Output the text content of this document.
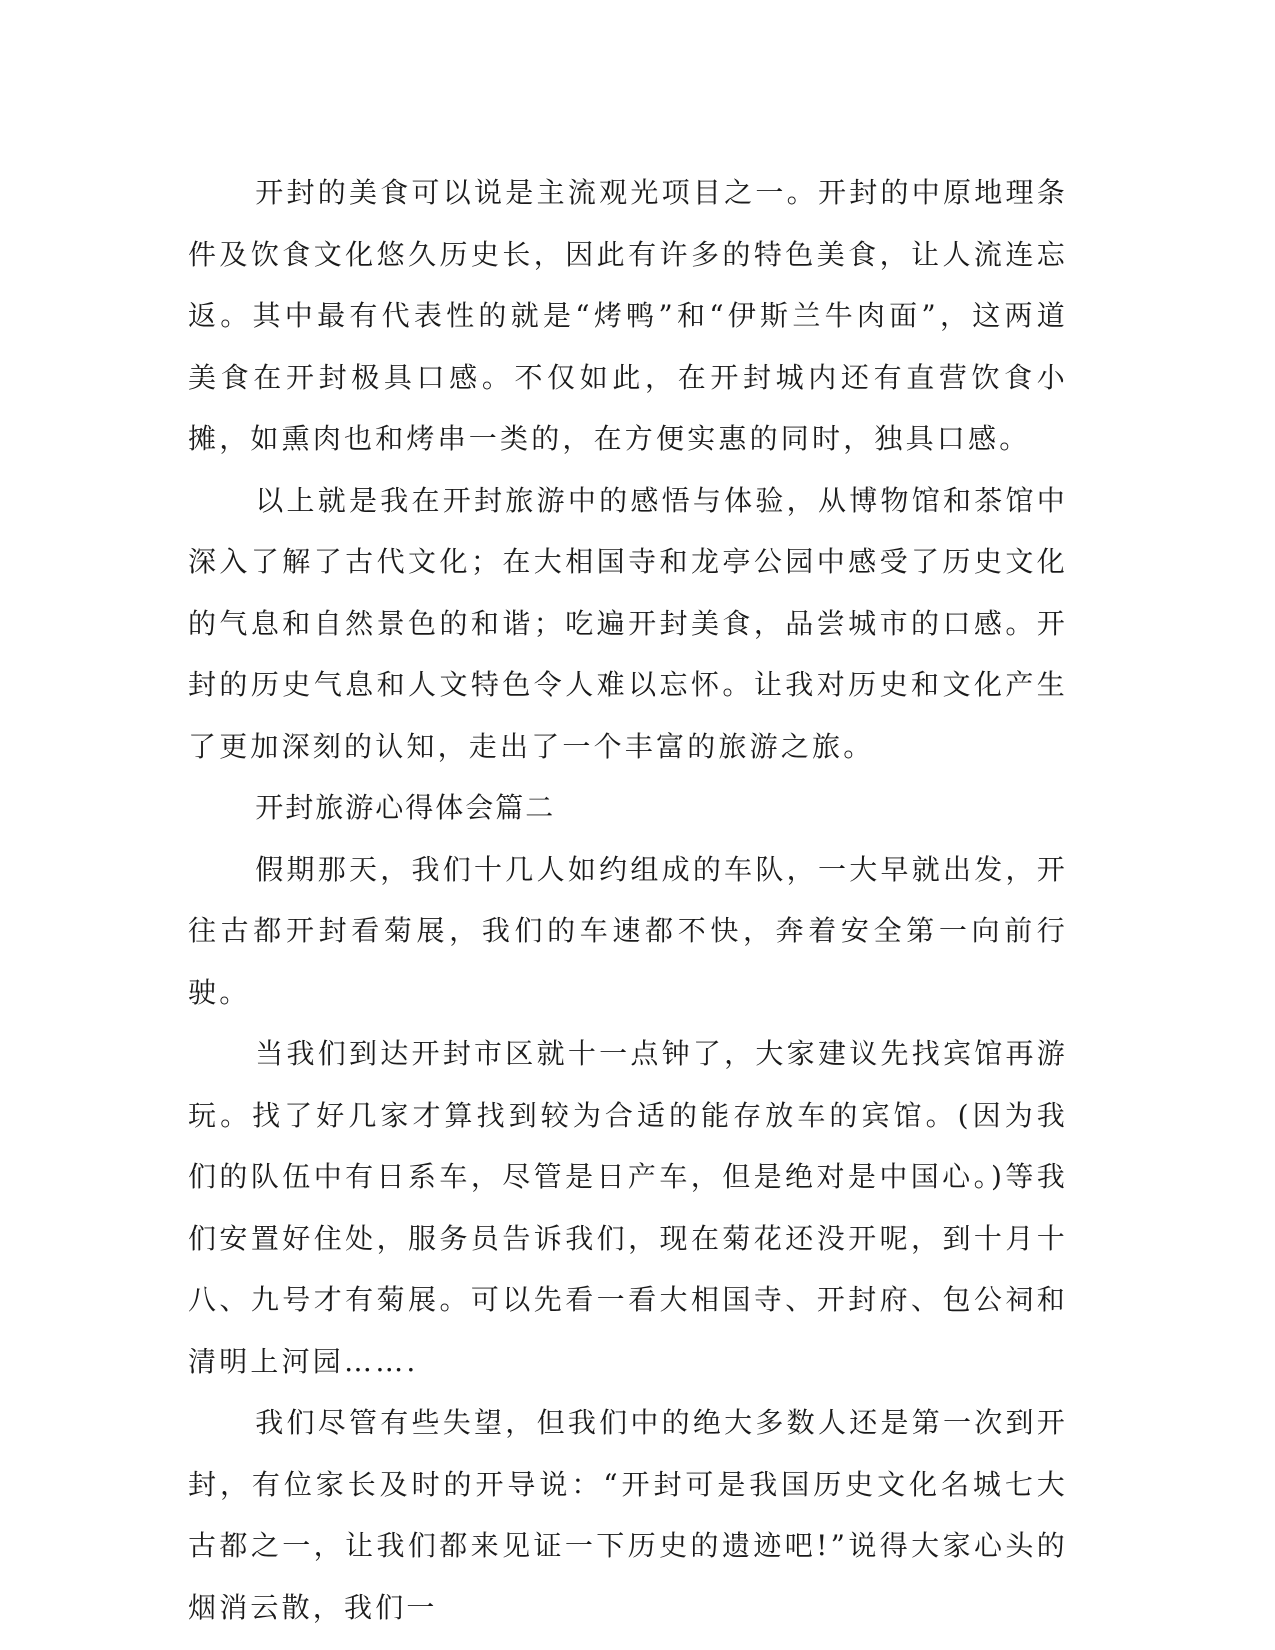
开封的美食可以说是主流观光项目之一。开封的中原地理条件及饮食文化悠久历史长，因此有许多的特色美食，让人流连忘返。其中最有代表性的就是“烤鸭”和“伊斯兰牛肉面”，这两道美食在开封极具口感。不仅如此，在开封城内还有直营饮食小摊，如熏肉也和烤串一类的，在方便实惠的同时，独具口感。

以上就是我在开封旅游中的感悟与体验，从博物馆和茶馆中深入了解了古代文化；在大相国寺和龙亭公园中感受了历史文化的气息和自然景色的和谐；吃遍开封美食，品尝城市的口感。开封的历史气息和人文特色令人难以忘怀。让我对历史和文化产生了更加深刻的认知，走出了一个丰富的旅游之旅。

开封旅游心得体会篇二

假期那天，我们十几人如约组成的车队，一大早就出发，开往古都开封看菊展，我们的车速都不快，奔着安全第一向前行驶。

当我们到达开封市区就十一点钟了，大家建议先找宾馆再游玩。找了好几家才算找到较为合适的能存放车的宾馆。(因为我们的队伍中有日系车，尽管是日产车，但是绝对是中国心。)等我们安置好住处，服务员告诉我们，现在菊花还没开呢，到十月十八、九号才有菊展。可以先看一看大相国寺、开封府、包公祠和清明上河园…….

我们尽管有些失望，但我们中的绝大多数人还是第一次到开封，有位家长及时的开导说：“开封可是我国历史文化名城七大古都之一，让我们都来见证一下历史的遗迹吧!”说得大家心头的烟消云散，我们一
